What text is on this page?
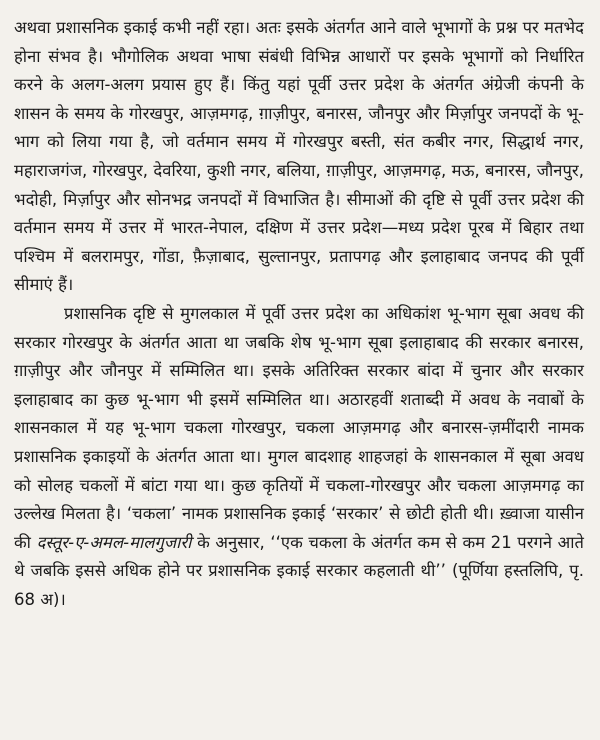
अथवा प्रशासनिक इकाई कभी नहीं रहा। अतः इसके अंतर्गत आने वाले भूभागों के प्रश्न पर मतभेद होना संभव है। भौगोलिक अथवा भाषा संबंधी विभिन्न आधारों पर इसके भूभागों को निर्धारित करने के अलग-अलग प्रयास हुए हैं। किंतु यहां पूर्वी उत्तर प्रदेश के अंतर्गत अंग्रेजी कंपनी के शासन के समय के गोरखपुर, आज़मगढ़, ग़ाज़ीपुर, बनारस, जौनपुर और मिर्ज़ापुर जनपदों के भू-भाग को लिया गया है, जो वर्तमान समय में गोरखपुर बस्ती, संत कबीर नगर, सिद्धार्थ नगर, महाराजगंज, गोरखपुर, देवरिया, कुशी नगर, बलिया, ग़ाज़ीपुर, आज़मगढ़, मऊ, बनारस, जौनपुर, भदोही, मिर्ज़ापुर और सोनभद्र जनपदों में विभाजित है। सीमाओं की दृष्टि से पूर्वी उत्तर प्रदेश की वर्तमान समय में उत्तर में भारत-नेपाल, दक्षिण में उत्तर प्रदेश—मध्य प्रदेश पूरब में बिहार तथा पश्चिम में बलरामपुर, गोंडा, फ़ैज़ाबाद, सुल्तानपुर, प्रतापगढ़ और इलाहाबाद जनपद की पूर्वी सीमाएं हैं।

प्रशासनिक दृष्टि से मुगलकाल में पूर्वी उत्तर प्रदेश का अधिकांश भू-भाग सूबा अवध की सरकार गोरखपुर के अंतर्गत आता था जबकि शेष भू-भाग सूबा इलाहाबाद की सरकार बनारस, ग़ाज़ीपुर और जौनपुर में सम्मिलित था। इसके अतिरिक्त सरकार बांदा में चुनार और सरकार इलाहाबाद का कुछ भू-भाग भी इसमें सम्मिलित था। अठारहवीं शताब्दी में अवध के नवाबों के शासनकाल में यह भू-भाग चकला गोरखपुर, चकला आज़मगढ़ और बनारस-ज़मींदारी नामक प्रशासनिक इकाइयों के अंतर्गत आता था। मुगल बादशाह शाहजहां के शासनकाल में सूबा अवध को सोलह चकलों में बांटा गया था। कुछ कृतियों में चकला-गोरखपुर और चकला आज़मगढ़ का उल्लेख मिलता है। ‘चकला’ नामक प्रशासनिक इकाई ‘सरकार’ से छोटी होती थी। ख़्वाजा यासीन की दस्तूर-ए-अमल-मालगुजारी के अनुसार, ‘‘एक चकला के अंतर्गत कम से कम 21 परगने आते थे जबकि इससे अधिक होने पर प्रशासनिक इकाई सरकार कहलाती थी’’ (पूर्णिया हस्तलिपि, पृ. 68 अ)।
